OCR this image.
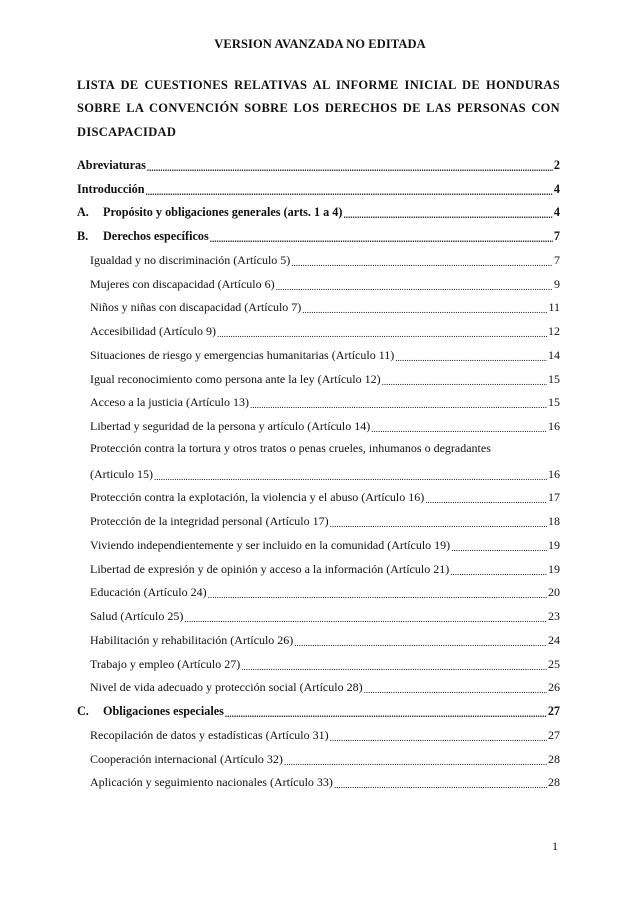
VERSION AVANZADA NO EDITADA
LISTA DE CUESTIONES RELATIVAS AL INFORME INICIAL DE HONDURAS SOBRE LA CONVENCIÓN SOBRE LOS DERECHOS DE LAS PERSONAS CON DISCAPACIDAD
Abreviaturas .....	2
Introducción .....	4
A.	Propósito y obligaciones generales (arts. 1 a 4) .....	4
B.	Derechos específicos .....	7
Igualdad y no discriminación (Artículo 5) .....	7
Mujeres con discapacidad (Artículo 6) .....	9
Niños y niñas con discapacidad (Artículo 7) .....	11
Accesibilidad (Artículo 9) .....	12
Situaciones de riesgo y emergencias humanitarias (Artículo 11) .....	14
Igual reconocimiento como persona ante la ley (Artículo 12) .....	15
Acceso a la justicia (Artículo 13) .....	15
Libertad y seguridad de la persona y artículo (Artículo 14) .....	16
Protección contra la tortura y otros tratos o penas crueles, inhumanos o degradantes
(Articulo 15) .....	16
Protección contra la explotación, la violencia y el abuso (Artículo 16) .....	17
Protección de la integridad personal (Artículo 17) .....	18
Viviendo independientemente y ser incluido en la comunidad (Artículo 19) .....	19
Libertad de expresión y de opinión y acceso a la información (Artículo 21) .....	19
Educación (Artículo 24) .....	20
Salud (Artículo 25) .....	23
Habilitación y rehabilitación (Artículo 26) .....	24
Trabajo y empleo (Artículo 27) .....	25
Nivel de vida adecuado y protección social (Artículo 28) .....	26
C.	Obligaciones especiales .....	27
Recopilación de datos y estadísticas (Artículo 31) .....	27
Cooperación internacional (Artículo 32) .....	28
Aplicación y seguimiento nacionales (Artículo 33) .....	28
1
